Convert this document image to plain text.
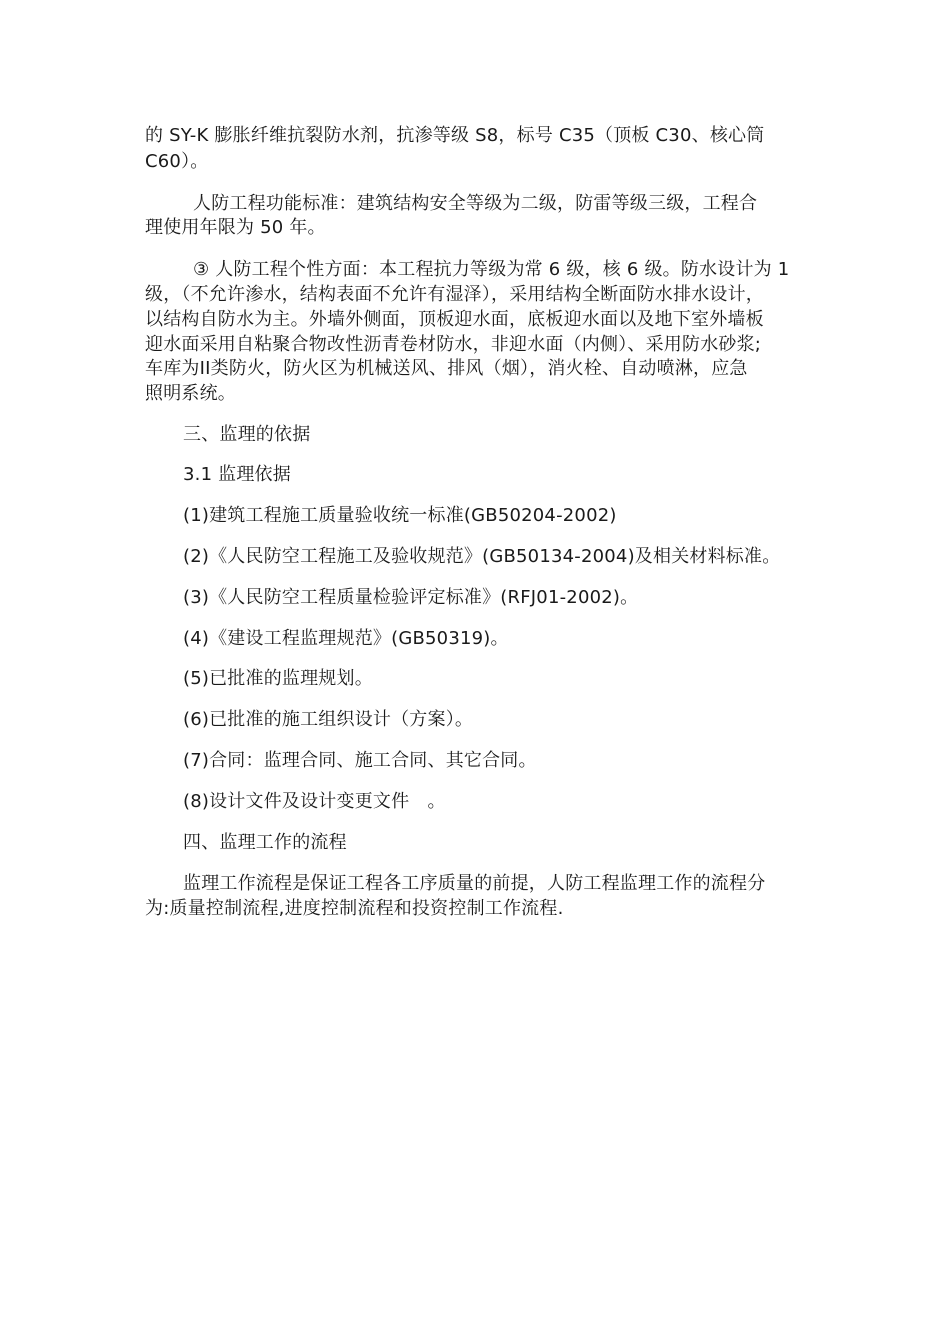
的 SY-K 膨胀纤维抗裂防水剂，抗渗等级 S8，标号 C35（顶板 C30、核心筒
C60）。
人防工程功能标准：建筑结构安全等级为二级，防雷等级三级，工程合
理使用年限为 50 年。
③ 人防工程个性方面：本工程抗力等级为常 6 级，核 6 级。防水设计为 1
级，（不允许渗水，结构表面不允许有湿泽），采用结构全断面防水排水设计，
以结构自防水为主。外墙外侧面，顶板迎水面，底板迎水面以及地下室外墙板
迎水面采用自粘聚合物改性沥青卷材防水，非迎水面（内侧）、采用防水砂浆;
车库为II类防火，防火区为机械送风、排风（烟），消火栓、自动喷淋，应急
照明系统。
三、监理的依据
3.1 监理依据
(1)建筑工程施工质量验收统一标准(GB50204-2002)
(2)《人民防空工程施工及验收规范》(GB50134-2004)及相关材料标准。
(3)《人民防空工程质量检验评定标准》(RFJ01-2002)。
(4)《建设工程监理规范》(GB50319)。
(5)已批准的监理规划。
(6)已批准的施工组织设计（方案）。
(7)合同：监理合同、施工合同、其它合同。
(8)设计文件及设计变更文件　。
四、监理工作的流程
监理工作流程是保证工程各工序质量的前提，人防工程监理工作的流程分
为:质量控制流程,进度控制流程和投资控制工作流程.
